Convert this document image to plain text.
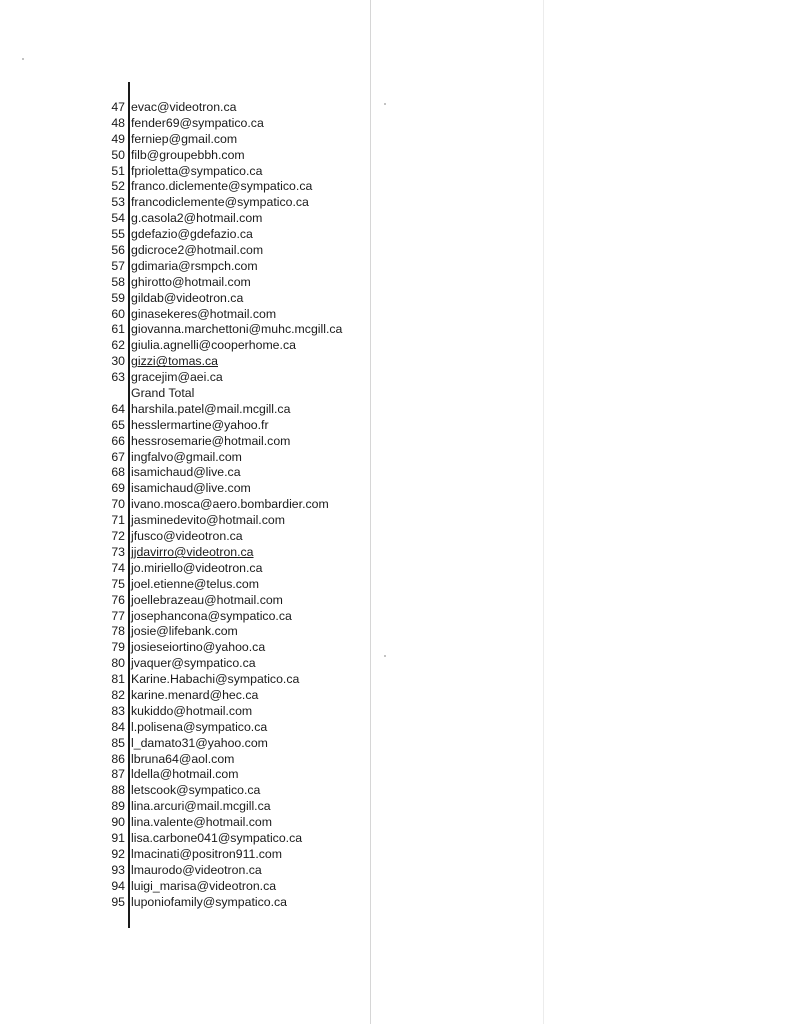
47 evac@videotron.ca
48 fender69@sympatico.ca
49 ferniep@gmail.com
50 filb@groupebbh.com
51 fprioletta@sympatico.ca
52 franco.diclemente@sympatico.ca
53 francodiclemente@sympatico.ca
54 g.casola2@hotmail.com
55 gdefazio@gdefazio.ca
56 gdicroce2@hotmail.com
57 gdimaria@rsmpch.com
58 ghirotto@hotmail.com
59 gildab@videotron.ca
60 ginasekeres@hotmail.com
61 giovanna.marchettoni@muhc.mcgill.ca
62 giulia.agnelli@cooperhome.ca
30 gizzi@tomas.ca
63 gracejim@aei.ca
Grand Total
64 harshila.patel@mail.mcgill.ca
65 hesslermartine@yahoo.fr
66 hessrosemarie@hotmail.com
67 ingfalvo@gmail.com
68 isamichaud@live.ca
69 isamichaud@live.com
70 ivano.mosca@aero.bombardier.com
71 jasminedevito@hotmail.com
72 jfusco@videotron.ca
73 jjdavirro@videotron.ca
74 jo.miriello@videotron.ca
75 joel.etienne@telus.com
76 joellebrazeau@hotmail.com
77 josephancona@sympatico.ca
78 josie@lifebank.com
79 josieseiortino@yahoo.ca
80 jvaquer@sympatico.ca
81 Karine.Habachi@sympatico.ca
82 karine.menard@hec.ca
83 kukiddo@hotmail.com
84 l.polisena@sympatico.ca
85 l_damato31@yahoo.com
86 lbruna64@aol.com
87 ldella@hotmail.com
88 letscook@sympatico.ca
89 lina.arcuri@mail.mcgill.ca
90 lina.valente@hotmail.com
91 lisa.carbone041@sympatico.ca
92 lmacinati@positron911.com
93 lmaurodo@videotron.ca
94 luigi_marisa@videotron.ca
95 luponiofamily@sympatico.ca
